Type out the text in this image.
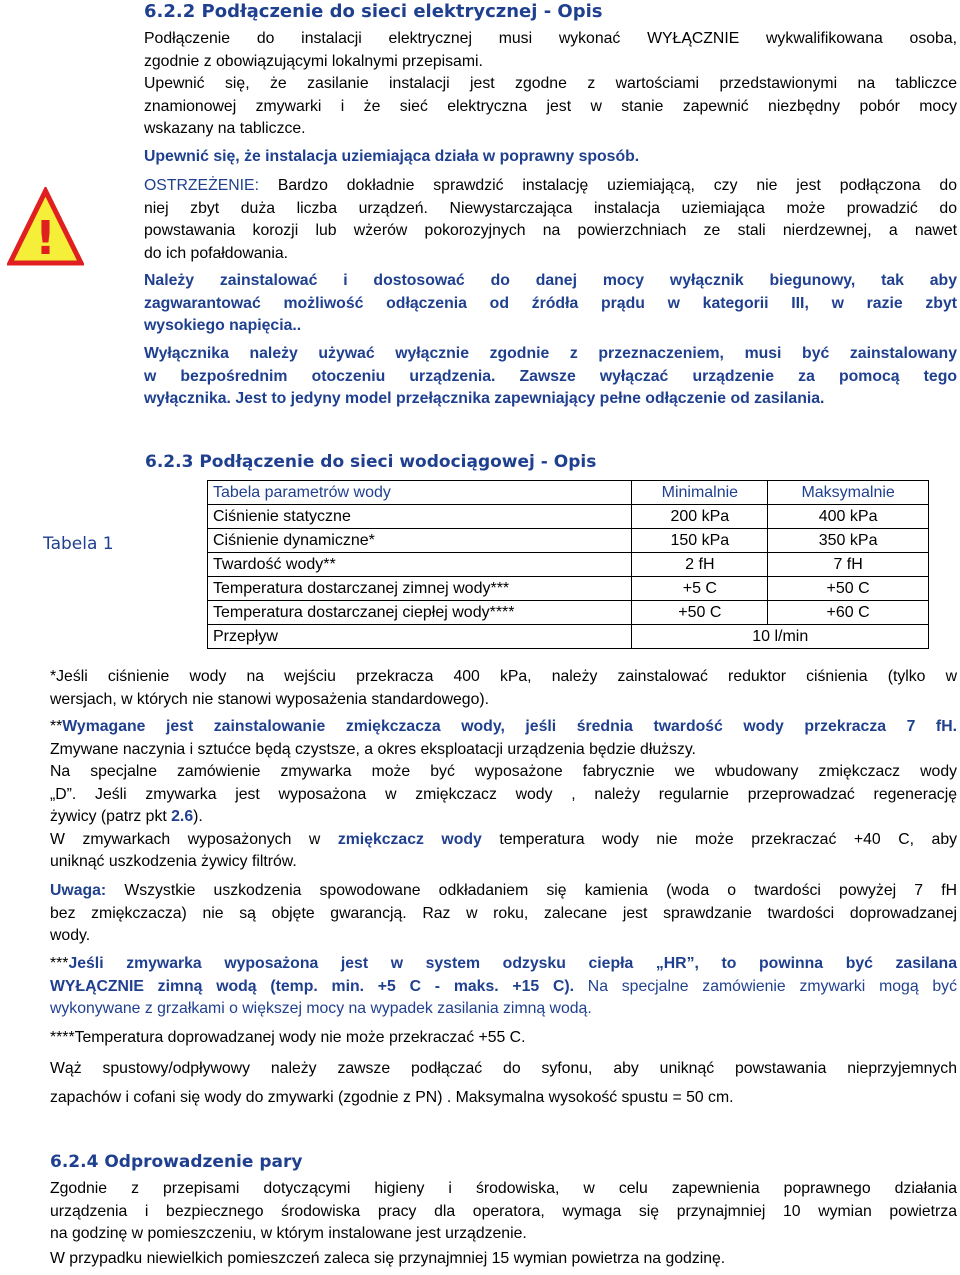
6.2.2 Podłączenie do sieci elektrycznej - Opis

Podłączenie do instalacji elektrycznej musi wykonać WYŁĄCZNIE wykwalifikowana osoba,

zgodnie z obowiązującymi lokalnymi przepisami.

Upewnić się, że zasilanie instalacji jest zgodne z wartościami przedstawionymi na tabliczce

znamionowej zmywarki i że sieć elektryczna jest w stanie zapewnić niezbędny pobór mocy

wskazany na tabliczce.

Upewnić się, że instalacja uziemiająca działa w poprawny sposób.

!

OSTRZEŻENIE: Bardzo dokładnie sprawdzić instalację uziemiającą, czy nie jest podłączona do

niej zbyt duża liczba urządzeń. Niewystarczająca instalacja uziemiająca może prowadzić do

powstawania korozji lub wżerów pokorozyjnych na powierzchniach ze stali nierdzewnej, a nawet

do ich pofałdowania.

Należy zainstalować i dostosować do danej mocy wyłącznik biegunowy, tak aby

zagwarantować możliwość odłączenia od źródła prądu w kategorii III, w razie zbyt

wysokiego napięcia..

Wyłącznika należy używać wyłącznie zgodnie z przeznaczeniem, musi być zainstalowany

w bezpośrednim otoczeniu urządzenia. Zawsze wyłączać urządzenie za pomocą tego

wyłącznika. Jest to jedyny model przełącznika zapewniający pełne odłączenie od zasilania.

6.2.3 Podłączenie do sieci wodociągowej - Opis
Tabela 1
Tabela parametrów wody	Minimalnie	Maksymalnie
Ciśnienie statyczne	200 kPa	400 kPa
Ciśnienie dynamiczne*	150 kPa	350 kPa
Twardość wody**	2 fH	7 fH
Temperatura dostarczanej zimnej wody***	+5 C	+50 C
Temperatura dostarczanej ciepłej wody****	+50 C	+60 C
Przepływ	10 l/min	

*Jeśli ciśnienie wody na wejściu przekracza 400 kPa, należy zainstalować reduktor ciśnienia (tylko w

wersjach, w których nie stanowi wyposażenia standardowego).

**Wymagane jest zainstalowanie zmiękczacza wody, jeśli średnia twardość wody przekracza 7 fH.

Zmywane naczynia i sztućce będą czystsze, a okres eksploatacji urządzenia będzie dłuższy.

Na specjalne zamówienie zmywarka może być wyposażone fabrycznie we wbudowany zmiękczacz wody

„D”. Jeśli zmywarka jest wyposażona w zmiękczacz wody , należy regularnie przeprowadzać regenerację

żywicy (patrz pkt 2.6).

W zmywarkach wyposażonych w zmiękczacz wody temperatura wody nie może przekraczać +40 C, aby

uniknąć uszkodzenia żywicy filtrów.

Uwaga: Wszystkie uszkodzenia spowodowane odkładaniem się kamienia (woda o twardości powyżej 7 fH

bez zmiękczacza) nie są objęte gwarancją. Raz w roku, zalecane jest sprawdzanie twardości doprowadzanej

wody.

***Jeśli zmywarka wyposażona jest w system odzysku ciepła „HR”, to powinna być zasilana

WYŁĄCZNIE zimną wodą (temp. min. +5 C - maks. +15 C). Na specjalne zamówienie zmywarki mogą być

wykonywane z grzałkami o większej mocy na wypadek zasilania zimną wodą.

****Temperatura doprowadzanej wody nie może przekraczać +55 C.

Wąż spustowy/odpływowy należy zawsze podłączać do syfonu, aby uniknąć powstawania nieprzyjemnych

zapachów i cofani się wody do zmywarki (zgodnie z PN) . Maksymalna wysokość spustu = 50 cm.

6.2.4 Odprowadzenie pary

Zgodnie z przepisami dotyczącymi higieny i środowiska, w celu zapewnienia poprawnego działania

urządzenia i bezpiecznego środowiska pracy dla operatora, wymaga się przynajmniej 10 wymian powietrza

na godzinę w pomieszczeniu, w którym instalowane jest urządzenie.

W przypadku niewielkich pomieszczeń zaleca się przynajmniej 15 wymian powietrza na godzinę.
